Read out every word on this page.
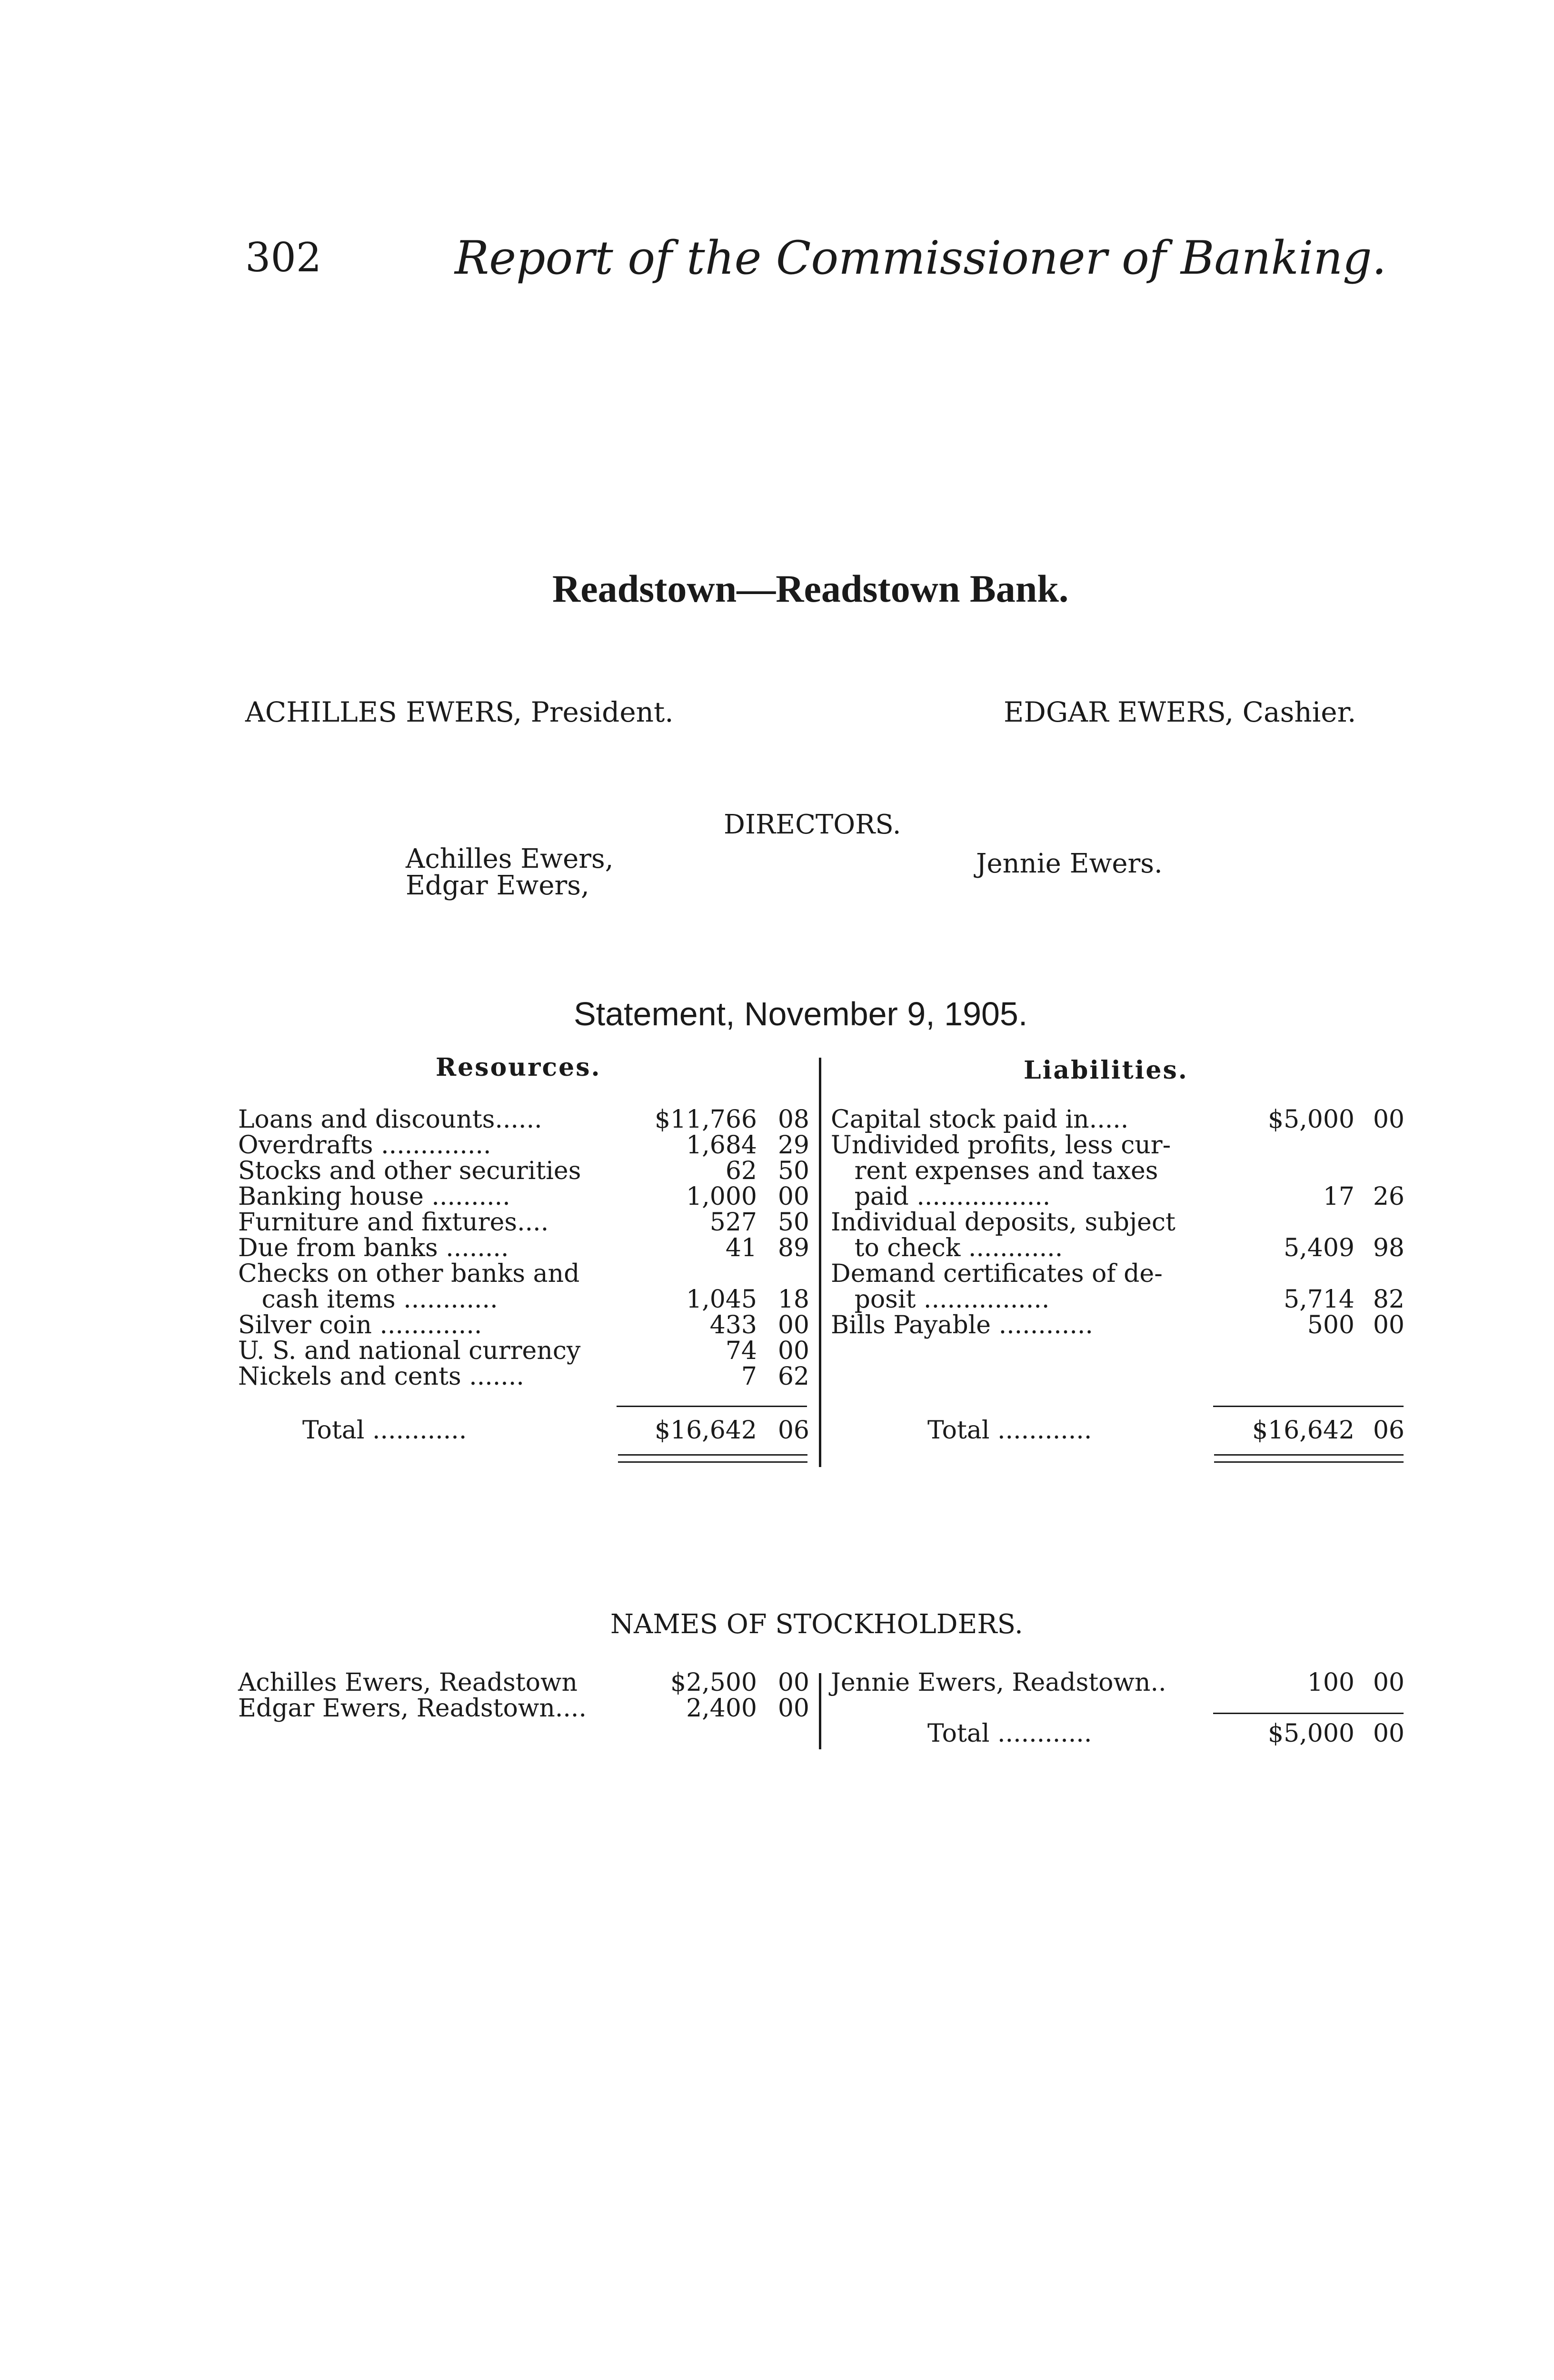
302	Report of the Commissioner of Banking.
Readstown—Readstown Bank.
ACHILLES EWERS, President.	EDGAR EWERS, Cashier.
DIRECTORS.
Achilles Ewers,
Edgar Ewers,
Jennie Ewers.
Statement, November 9, 1905.
Resources.	Liabilities.
Loans and discounts......	$11,766 08
Overdrafts ..............	1,684 29
Stocks and other securities	62 50
Banking house ..........	1,000 00
Furniture and fixtures....	527 50
Due from banks ........	41 89
Checks on other banks and
cash items ............	1,045 18
Silver coin .............	433 00
U. S. and national currency	74 00
Nickels and cents .......	7 62
Total ............	$16,642 06
Capital stock paid in.....	$5,000 00
Undivided profits, less cur-
rent expenses and taxes
paid .................	17 26
Individual deposits, subject
to check ............	5,409 98
Demand certificates of de-
posit ................	5,714 82
Bills Payable ............	500 00
Total ............	$16,642 06
NAMES OF STOCKHOLDERS.
Achilles Ewers, Readstown	$2,500 00
Edgar Ewers, Readstown....	2,400 00
Jennie Ewers, Readstown..	100 00
Total ............	$5,000 00
